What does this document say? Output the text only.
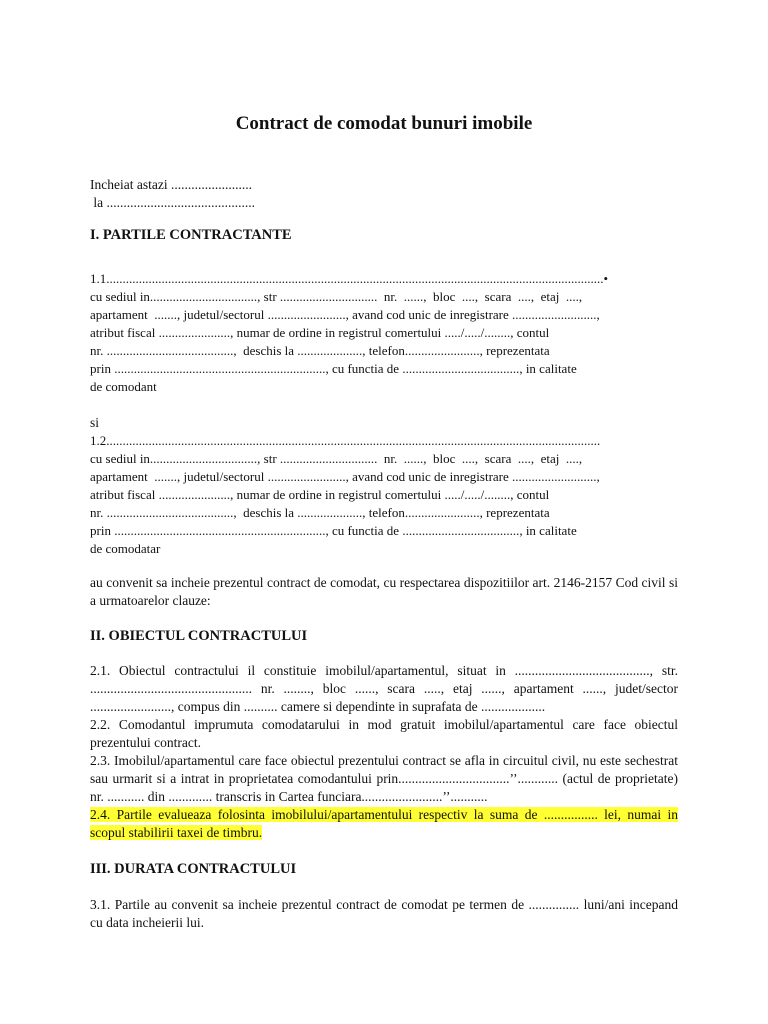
Contract de comodat bunuri imobile

Incheiat astazi ........................

la ............................................

I. PARTILE CONTRACTANTE
1.1.........................................................................................................................................................•
cu sediul in................................., str ..............................  nr.  ......,  bloc  ....,  scara  ....,  etaj  ....,
apartament  ......., judetul/sectorul ........................, avand cod unic de inregistrare ..........................,
atribut fiscal ......................, numar de ordine in registrul comertului ...../...../........, contul
nr. .......................................,  deschis la ...................., telefon......................., reprezentata
prin ................................................................., cu functia de ...................................., in calitate
de comodant
si
1.2........................................................................................................................................................
cu sediul in................................., str ..............................  nr.  ......,  bloc  ....,  scara  ....,  etaj  ....,
apartament  ......., judetul/sectorul ........................, avand cod unic de inregistrare ..........................,
atribut fiscal ......................, numar de ordine in registrul comertului ...../...../........, contul
nr. .......................................,  deschis la ...................., telefon......................., reprezentata
prin ................................................................., cu functia de ...................................., in calitate
de comodatar
au convenit sa incheie prezentul contract de comodat, cu respectarea dispozitiilor art. 2146-2157 Cod civil si a urmatoarelor clauze:
II. OBIECTUL CONTRACTULUI
2.1. Obiectul contractului il constituie imobilul/apartamentul, situat in ........................................, str. ................................................ nr. ........, bloc ......, scara ....., etaj ......, apartament ......, judet/sector ........................, compus din .......... camere si dependinte in suprafata de ...................
2.2. Comodantul imprumuta comodatarului in mod gratuit imobilul/apartamentul care face obiectul prezentului contract.
2.3. Imobilul/apartamentul care face obiectul prezentului contract se afla in circuitul civil, nu este sechestrat sau urmarit si a intrat in proprietatea comodantului prin.................................’’............ (actul de proprietate) nr. ........... din ............. transcris in Cartea funciara........................’’...........
2.4. Partile evalueaza folosinta imobilului/apartamentului respectiv la suma de ................ lei, numai in scopul stabilirii taxei de timbru.
III. DURATA CONTRACTULUI
3.1. Partile au convenit sa incheie prezentul contract de comodat pe termen de ............... luni/ani incepand cu data incheierii lui.
